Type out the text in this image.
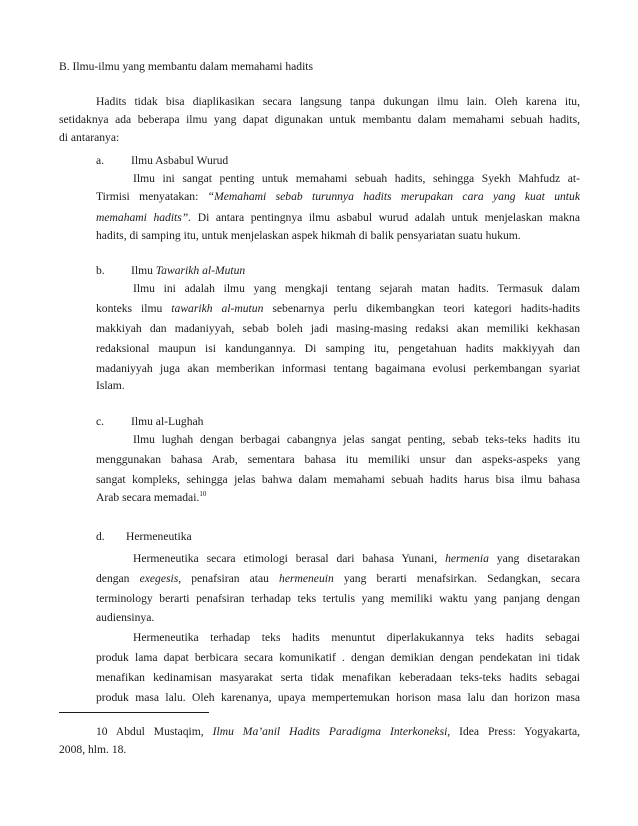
B. Ilmu-ilmu yang membantu dalam memahami hadits
Hadits tidak bisa diaplikasikan secara langsung tanpa dukungan ilmu lain. Oleh karena itu,
setidaknya ada beberapa ilmu yang dapat digunakan untuk membantu dalam memahami sebuah hadits,
di antaranya:
a. Ilmu Asbabul Wurud
Ilmu ini sangat penting untuk memahami sebuah hadits, sehingga Syekh Mahfudz at-
Tirmisi menyatakan: “Memahami sebab turunnya hadits merupakan cara yang kuat untuk
memahami hadits”. Di antara pentingnya ilmu asbabul wurud adalah untuk menjelaskan makna
hadits, di samping itu, untuk menjelaskan aspek hikmah di balik pensyariatan suatu hukum.
b. Ilmu Tawarikh al-Mutun
Ilmu ini adalah ilmu yang mengkaji tentang sejarah matan hadits. Termasuk dalam
konteks ilmu tawarikh al-mutun sebenarnya perlu dikembangkan teori kategori hadits-hadits
makkiyah dan madaniyyah, sebab boleh jadi masing-masing redaksi akan memiliki kekhasan
redaksional maupun isi kandungannya. Di samping itu, pengetahuan hadits makkiyyah dan
madaniyyah juga akan memberikan informasi tentang bagaimana evolusi perkembangan syariat
Islam.
c. Ilmu al-Lughah
Ilmu lughah dengan berbagai cabangnya jelas sangat penting, sebab teks-teks hadits itu
menggunakan bahasa Arab, sementara bahasa itu memiliki unsur dan aspeks-aspeks yang
sangat kompleks, sehingga jelas bahwa dalam memahami sebuah hadits harus bisa ilmu bahasa
Arab secara memadai.$^{10}$
d. Hermeneutika
Hermeneutika secara etimologi berasal dari bahasa Yunani, hermenia yang disetarakan
dengan exegesis, penafsiran atau hermeneuin yang berarti menafsirkan. Sedangkan, secara
terminology berarti penafsiran terhadap teks tertulis yang memiliki waktu yang panjang dengan
audiensinya.
Hermeneutika terhadap teks hadits menuntut diperlakukannya teks hadits sebagai
produk lama dapat berbicara secara komunikatif . dengan demikian dengan pendekatan ini tidak
menafikan kedinamisan masyarakat serta tidak menafikan keberadaan teks-teks hadits sebagai
produk masa lalu. Oleh karenanya, upaya mempertemukan horison masa lalu dan horizon masa
10 Abdul Mustaqim, Ilmu Ma’anil Hadits Paradigma Interkoneksi, Idea Press: Yogyakarta,
2008, hlm. 18.
